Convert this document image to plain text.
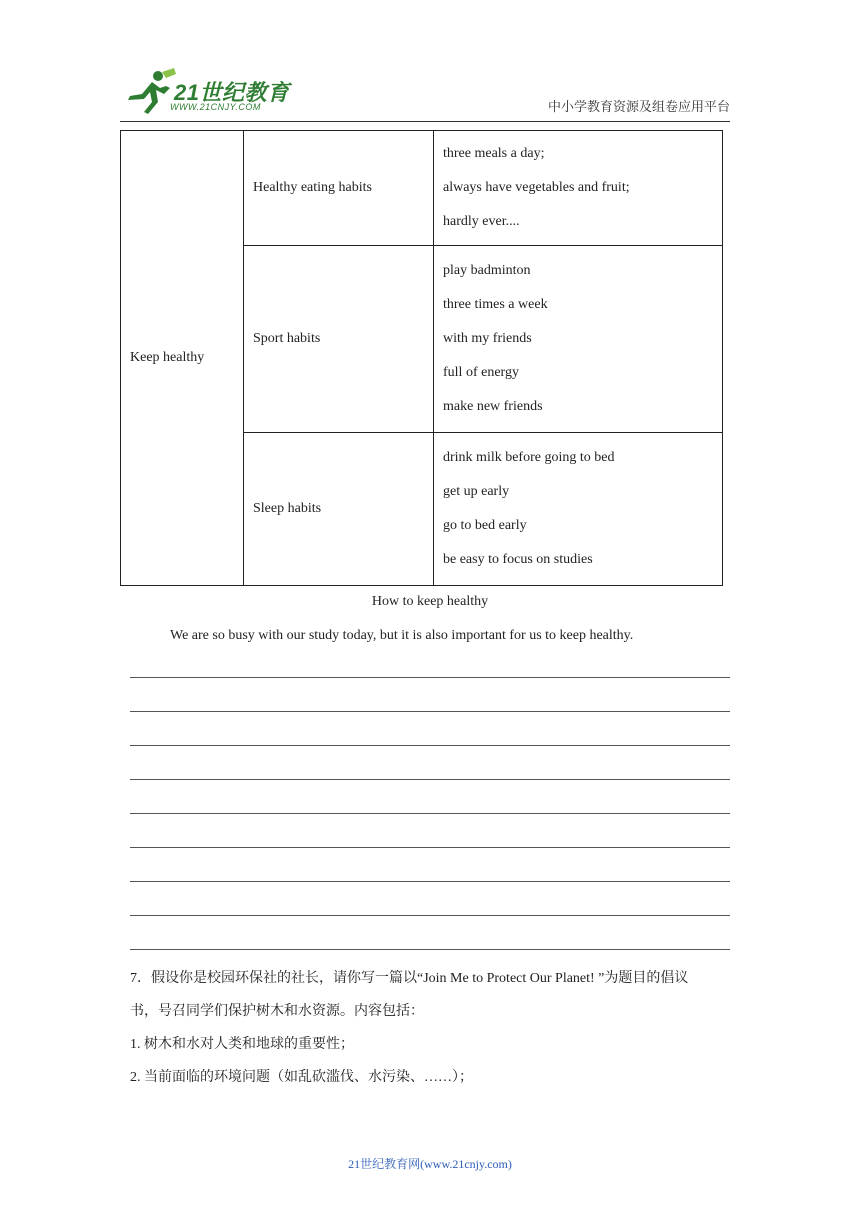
21世纪教育
WWW.21CNJY.COM	中小学教育资源及组卷应用平台
Keep healthy	Healthy eating habits	three meals a day;
always have vegetables and fruit;
hardly ever....

	Sport habits	play badminton
three times a week
with my friends
full of energy
make new friends

	Sleep habits	drink milk before going to bed
get up early
go to bed early
be easy to focus on studies
How to keep healthy
We are so busy with our study today, but it is also important for us to keep healthy.

7．假设你是校园环保社的社长，请你写一篇以“Join Me to Protect Our Planet! ”为题目的倡议

书，号召同学们保护树木和水资源。内容包括：

1. 树木和水对人类和地球的重要性；

2. 当前面临的环境问题（如乱砍滥伐、水污染、……）；

21世纪教育网(www.21cnjy.com)
